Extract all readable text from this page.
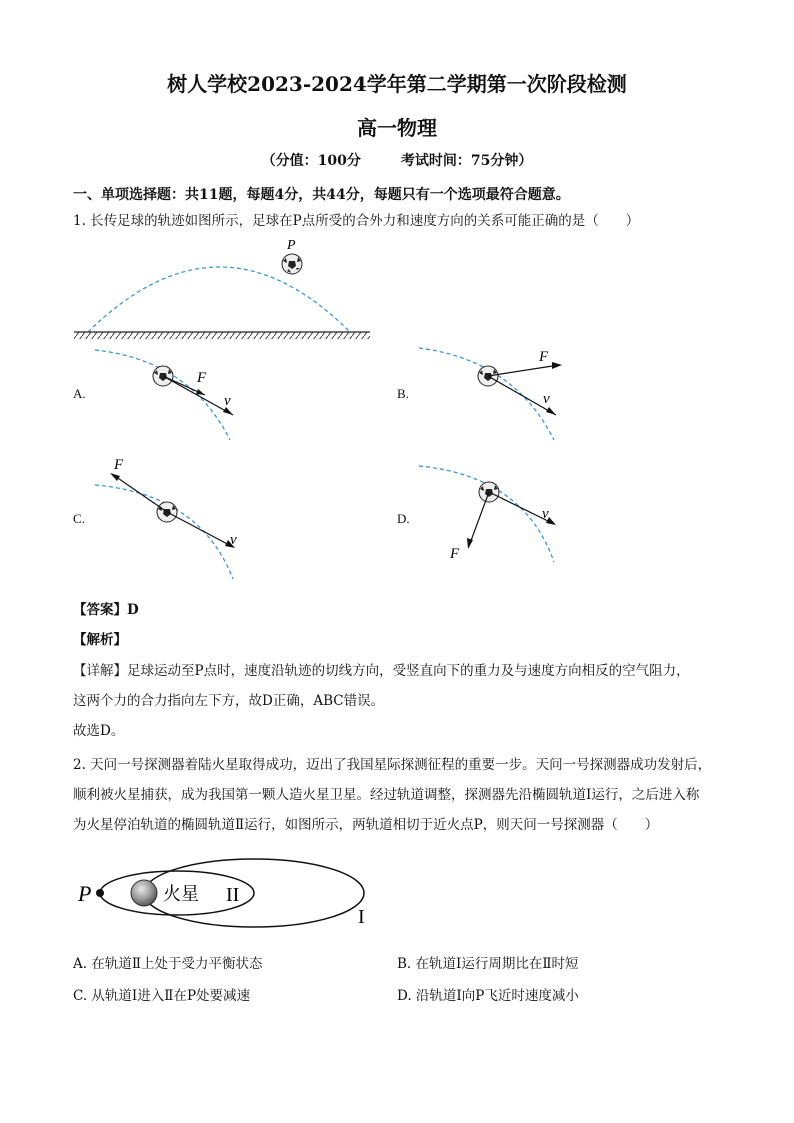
树人学校2023-2024学年第二学期第一次阶段检测
高一物理
（分值：100分	考试时间：75分钟）
一、单项选择题：共11题，每题4分，共44分，每题只有一个选项最符合题意。
1. 长传足球的轨迹如图所示，足球在P点所受的合外力和速度方向的关系可能正确的是（　　）
P
A.
F
v	B.
F
v
C.
F
v
D.	v
F
【答案】D
【解析】
【详解】足球运动至P点时，速度沿轨迹的切线方向，受竖直向下的重力及与速度方向相反的空气阻力，
这两个力的合力指向左下方，故D正确，ABC错误。
故选D。
2. 天问一号探测器着陆火星取得成功，迈出了我国星际探测征程的重要一步。天问一号探测器成功发射后，
顺利被火星捕获，成为我国第一颗人造火星卫星。经过轨道调整，探测器先沿椭圆轨道Ⅰ运行，之后进入称
为火星停泊轨道的椭圆轨道Ⅱ运行，如图所示，两轨道相切于近火点P，则天问一号探测器（　　）
P	火星 II
I
A. 在轨道Ⅱ上处于受力平衡状态	B. 在轨道Ⅰ运行周期比在Ⅱ时短
C. 从轨道Ⅰ进入Ⅱ在P处要减速	D. 沿轨道Ⅰ向P飞近时速度减小
